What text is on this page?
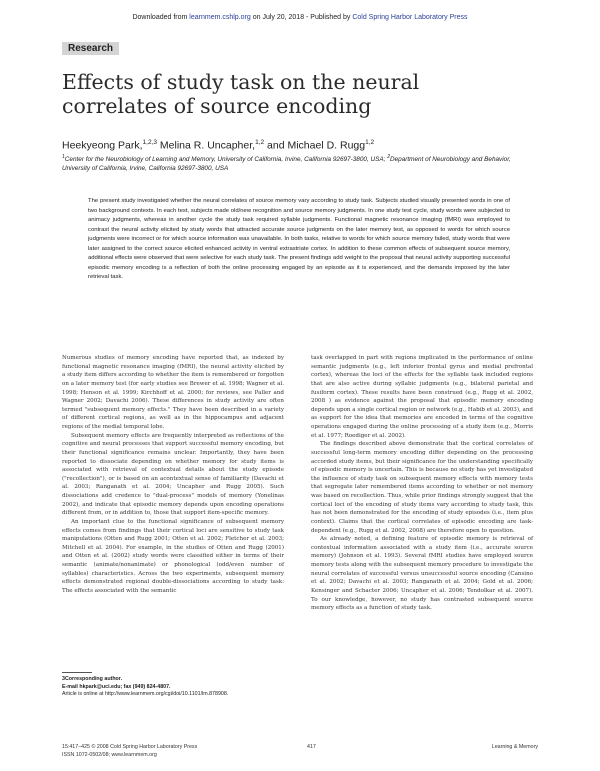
Downloaded from learnmem.cshlp.org on July 20, 2018 - Published by Cold Spring Harbor Laboratory Press
Research
Effects of study task on the neural correlates of source encoding
Heekyeong Park,$^{1,2,3}$ Melina R. Uncapher,$^{1,2}$ and Michael D. Rugg$^{1,2}$
$^1$Center for the Neurobiology of Learning and Memory, University of California, Irvine, California 92697-3800, USA; $^2$Department of Neurobiology and Behavior, University of California, Irvine, California 92697-3800, USA

The present study investigated whether the neural correlates of source memory vary according to study task. Subjects studied visually presented words in one of two background contexts. In each test, subjects made old/new recognition and source memory judgments. In one study test cycle, study words were subjected to animacy judgments, whereas in another cycle the study task required syllable judgments. Functional magnetic resonance imaging (fMRI) was employed to contrast the neural activity elicited by study words that attracted accurate source judgments on the later memory test, as opposed to words for which source judgments were incorrect or for which source information was unavailable. In both tasks, relative to words for which source memory failed, study words that were later assigned to the correct source elicited enhanced activity in ventral extrastriate cortex. In addition to these common effects of subsequent source memory, additional effects were observed that were selective for each study task. The present findings add weight to the proposal that neural activity supporting successful episodic memory encoding is a reflection of both the online processing engaged by an episode as it is experienced, and the demands imposed by the later retrieval task.

Numerous studies of memory encoding have reported that, as indexed by functional magnetic resonance imaging (fMRI), the neural activity elicited by a study item differs according to whether the item is remembered or forgotten on a later memory test (for early studies see Brewer et al. 1998; Wagner et al. 1998; Henson et al. 1999; Kirchhoff et al. 2000; for reviews, see Paller and Wagner 2002; Davachi 2006). These differences in study activity are often termed "subsequent memory effects." They have been described in a variety of different cortical regions, as well as in the hippocampus and adjacent regions of the medial temporal lobe.

Subsequent memory effects are frequently interpreted as reflections of the cognitive and neural processes that support successful memory encoding, but their functional significance remains unclear. Importantly, they have been reported to dissociate depending on whether memory for study items is associated with retrieval of contextual details about the study episode ("recollection"), or is based on an acontextual sense of familiarity (Davachi et al. 2003; Ranganath et al. 2004; Uncapher and Rugg 2005). Such dissociations add credence to "dual-process" models of memory (Yonelinas 2002), and indicate that episodic memory depends upon encoding operations different from, or in addition to, those that support item-specific memory.

An important clue to the functional significance of subsequent memory effects comes from findings that their cortical loci are sensitive to study task manipulations (Otten and Rugg 2001; Otten et al. 2002; Fletcher et al. 2003; Mitchell et al. 2004). For example, in the studies of Otten and Rugg (2001) and Otten et al. (2002) study words were classified either in terms of their semantic (animate/nonanimate) or phonological (odd/even number of syllables) characteristics. Across the two experiments, subsequent memory effects demonstrated regional double-dissociations according to study task: The effects associated with the semantic

task overlapped in part with regions implicated in the performance of online semantic judgments (e.g., left inferior frontal gyrus and medial prefrontal cortex), whereas the loci of the effects for the syllable task included regions that are also active during syllabic judgments (e.g., bilateral parietal and fusiform cortex). These results have been construed (e.g., Rugg et al. 2002, 2008 ) as evidence against the proposal that episodic memory encoding depends upon a single cortical region or network (e.g., Habib et al. 2003), and as support for the idea that memories are encoded in terms of the cognitive operations engaged during the online processing of a study item (e.g., Morris et al. 1977; Roediger et al. 2002).

The findings described above demonstrate that the cortical correlates of successful long-term memory encoding differ depending on the processing accorded study items, but their significance for the understanding specifically of episodic memory is uncertain. This is because no study has yet investigated the influence of study task on subsequent memory effects with memory tests that segregate later remembered items according to whether or not memory was based on recollection. Thus, while prior findings strongly suggest that the cortical loci of the encoding of study items vary according to study task, this has not been demonstrated for the encoding of study episodes (i.e., item plus context). Claims that the cortical correlates of episodic encoding are task-dependent (e.g., Rugg et al. 2002, 2008) are therefore open to question.

As already noted, a defining feature of episodic memory is retrieval of contextual information associated with a study item (i.e., accurate source memory) (Johnson et al. 1993). Several fMRI studies have employed source memory tests along with the subsequent memory procedure to investigate the neural correlates of successful versus unsuccessful source encoding (Cansino et al. 2002; Davachi et al. 2003; Ranganath et al. 2004; Gold et al. 2006; Kensinger and Schacter 2006; Uncapher et al. 2006; Tendolkar et al. 2007). To our knowledge, however, no study has contrasted subsequent source memory effects as a function of study task.

3Corresponding author.
E-mail hkpark@uci.edu; fax (949) 824-4807.
Article is online at http://www.learnmem.org/cgi/doi/10.1101/lm.878908.
15:417–425 © 2008 Cold Spring Harbor Laboratory Press
ISSN 1072-0502/08; www.learnmem.org
417	Learning & Memory
